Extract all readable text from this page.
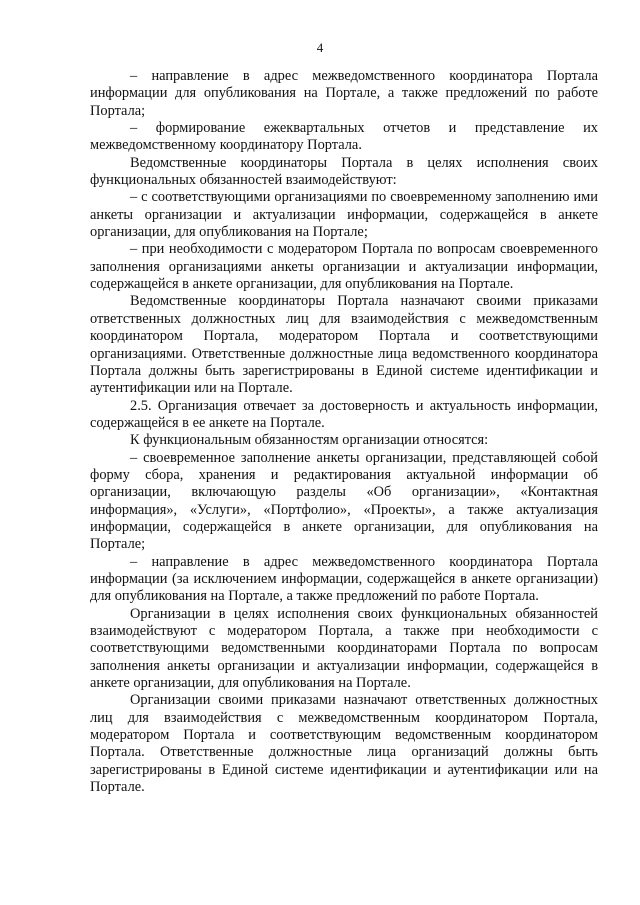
4

– направление в адрес межведомственного координатора Портала информации для опубликования на Портале, а также предложений по работе Портала;

– формирование ежеквартальных отчетов и представление их межведомственному координатору Портала.

Ведомственные координаторы Портала в целях исполнения своих функциональных обязанностей взаимодействуют:

– с соответствующими организациями по своевременному заполнению ими анкеты организации и актуализации информации, содержащейся в анкете организации, для опубликования на Портале;

– при необходимости с модератором Портала по вопросам своевременного заполнения организациями анкеты организации и актуализации информации, содержащейся в анкете организации, для опубликования на Портале.

Ведомственные координаторы Портала назначают своими приказами ответственных должностных лиц для взаимодействия с межведомственным координатором Портала, модератором Портала и соответствующими организациями. Ответственные должностные лица ведомственного координатора Портала должны быть зарегистрированы в Единой системе идентификации и аутентификации или на Портале.

2.5. Организация отвечает за достоверность и актуальность информации, содержащейся в ее анкете на Портале.

К функциональным обязанностям организации относятся:

– своевременное заполнение анкеты организации, представляющей собой форму сбора, хранения и редактирования актуальной информации об организации, включающую разделы «Об организации», «Контактная информация», «Услуги», «Портфолио», «Проекты», а также актуализация информации, содержащейся в анкете организации, для опубликования на Портале;

– направление в адрес межведомственного координатора Портала информации (за исключением информации, содержащейся в анкете организации) для опубликования на Портале, а также предложений по работе Портала.

Организации в целях исполнения своих функциональных обязанностей взаимодействуют с модератором Портала, а также при необходимости с соответствующими ведомственными координаторами Портала по вопросам заполнения анкеты организации и актуализации информации, содержащейся в анкете организации, для опубликования на Портале.

Организации своими приказами назначают ответственных должностных лиц для взаимодействия с межведомственным координатором Портала, модератором Портала и соответствующим ведомственным координатором Портала. Ответственные должностные лица организаций должны быть зарегистрированы в Единой системе идентификации и аутентификации или на Портале.
